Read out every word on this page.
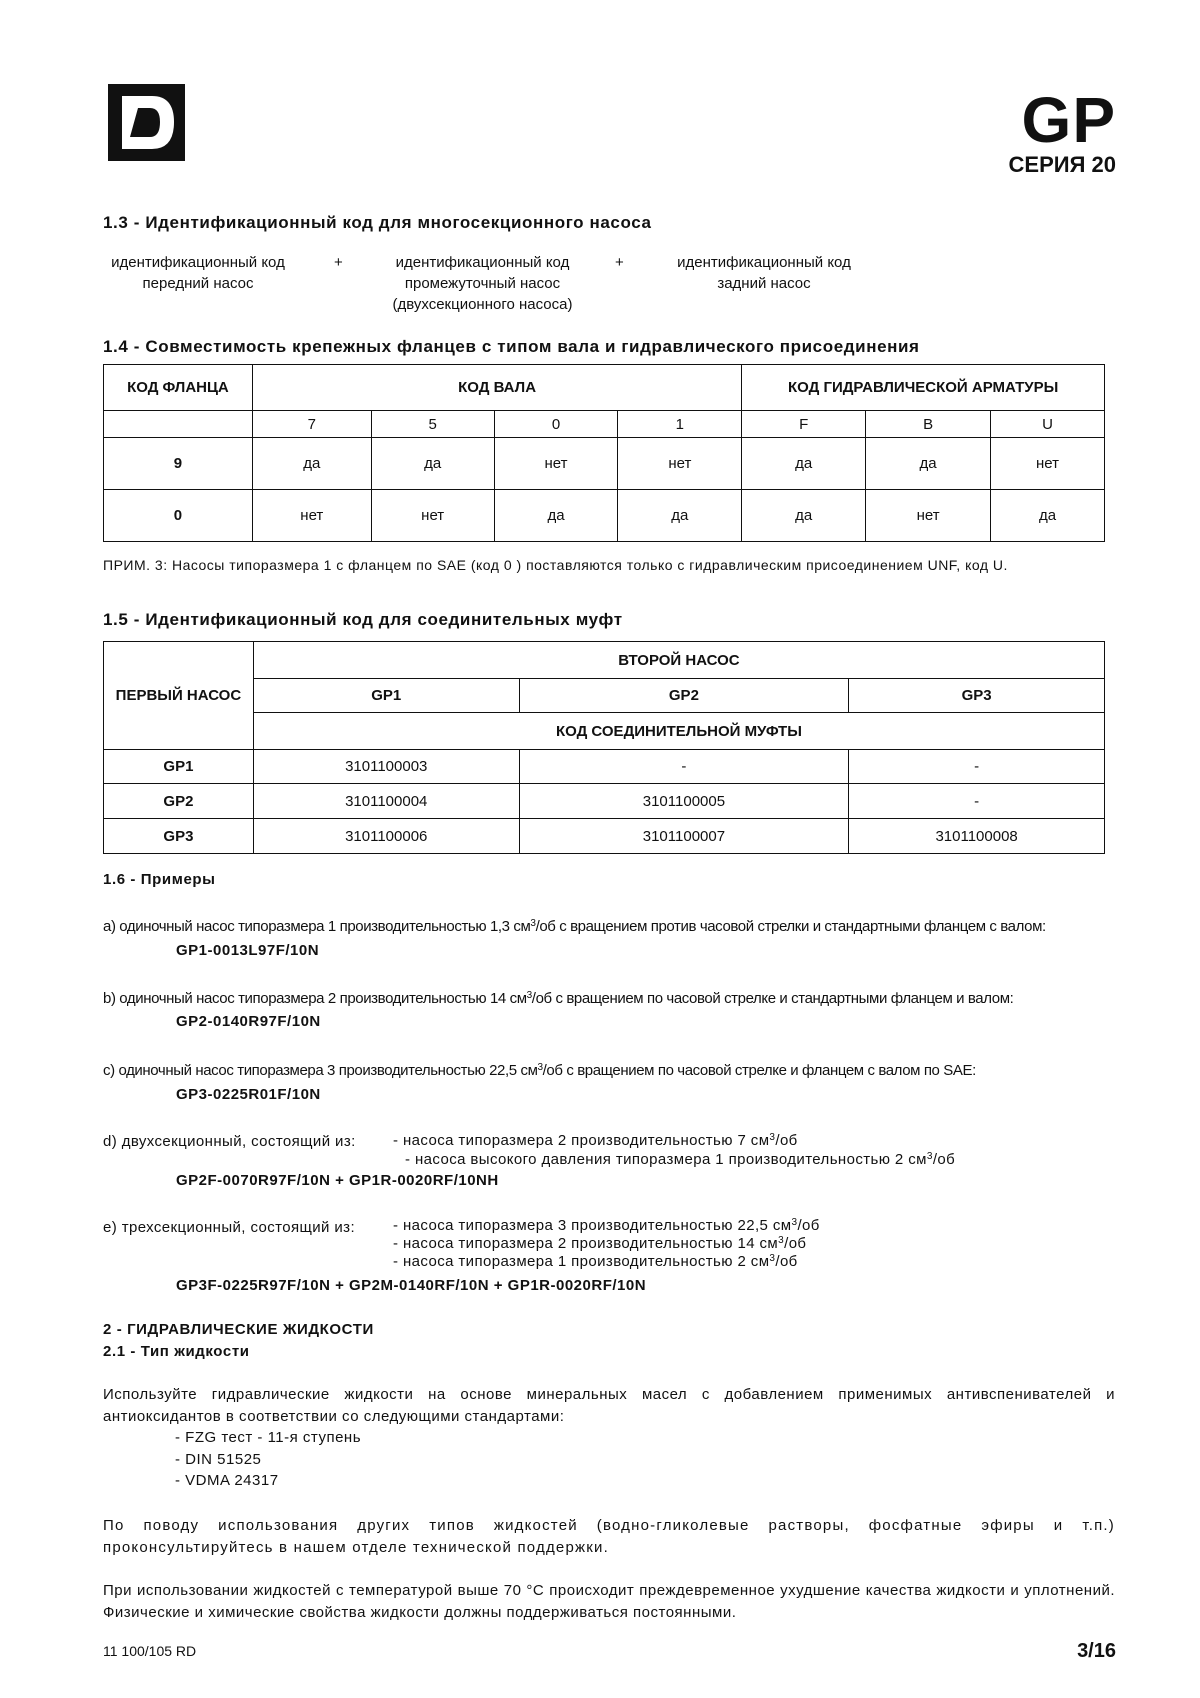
GP
СЕРИЯ 20
1.3 - Идентификационный код для многосекционного насоса
идентификационный код
передний насос
+	идентификационный код
промежуточный насос
(двухсекционного насоса)
+	идентификационный код
задний насос
1.4 - Совместимость крепежных фланцев с типом вала и гидравлического присоединения
КОД ФЛАНЦА	КОД ВАЛА				КОД ГИДРАВЛИЧЕСКОЙ АРМАТУРЫ		
	7	5	0	1	F	B	U
9	да	да	нет	нет	да	да	нет
0	нет	нет	да	да	да	нет	да
ПРИМ. 3: Насосы типоразмера 1 с фланцем по SAE (код 0 ) поставляются только с гидравлическим присоединением UNF, код U.
1.5 - Идентификационный код для соединительных муфт
ПЕРВЫЙ НАСОС	ВТОРОЙ НАСОС		
	GP1	GP2	GP3
	КОД СОЕДИНИТЕЛЬНОЙ МУФТЫ		
GP1	3101100003	-	-
GP2	3101100004	3101100005	-
GP3	3101100006	3101100007	3101100008
1.6 - Примеры
a) одиночный насос типоразмера 1 производительностью 1,3 $см^3/об$ с вращением против часовой стрелки и стандартными фланцем с валом:
GP1-0013L97F/10N
b) одиночный насос типоразмера 2 производительностью 14 $см^3/об$ с вращением по часовой стрелке и стандартными фланцем и валом:
GP2-0140R97F/10N
c) одиночный насос типоразмера 3 производительностью 22,5 $см^3/об$ с вращением по часовой стрелке и фланцем с валом по SAE:
GP3-0225R01F/10N
d) двухсекционный, состоящий из: - насоса типоразмера 2 производительностью 7 $см^3/об$
- насоса высокого давления типоразмера 1 производительностью 2 $см^3/об$
GP2F-0070R97F/10N + GP1R-0020RF/10NH
e) трехсекционный, состоящий из:	- насоса типоразмера 3 производительностью 22,5 $см^3/об$
- насоса типоразмера 2 производительностью 14 $см^3/об$
- насоса типоразмера 1 производительностью 2 $см^3/об$
GP3F-0225R97F/10N + GP2M-0140RF/10N + GP1R-0020RF/10N
2 - ГИДРАВЛИЧЕСКИЕ ЖИДКОСТИ
2.1 - Тип жидкости
Используйте гидравлические жидкости на основе минеральных масел с добавлением применимых антивспенивателей и антиоксидантов в соответствии со следующими стандартами:
- FZG тест - 11-я ступень
- DIN 51525
- VDMA 24317
По поводу использования других типов жидкостей (водно-гликолевые растворы, фосфатные эфиры и т.п.) проконсультируйтесь в нашем отделе технической поддержки.
При использовании жидкостей с температурой выше 70 °C происходит преждевременное ухудшение качества жидкости и уплотнений. Физические и химические свойства жидкости должны поддерживаться постоянными.
11 100/105 RD	3/16
